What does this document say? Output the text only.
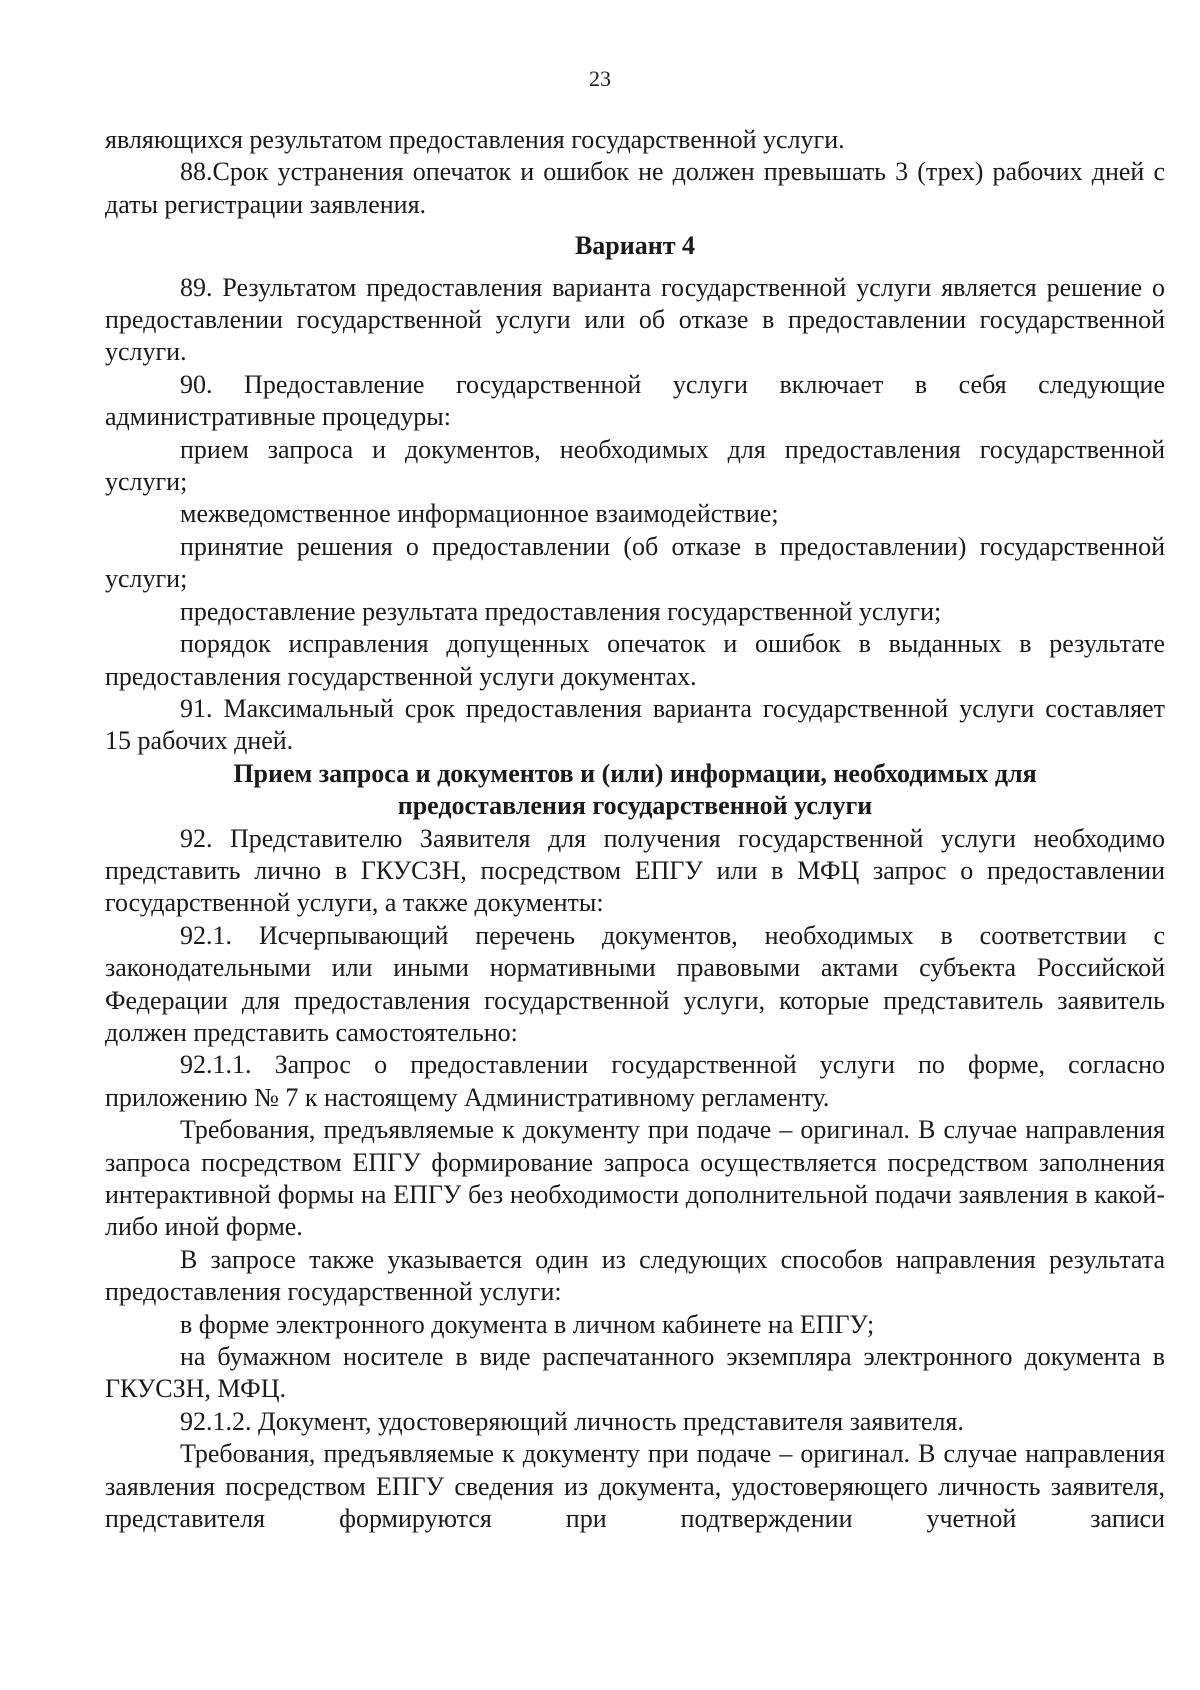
23

являющихся результатом предоставления государственной услуги.

88.Срок устранения опечаток и ошибок не должен превышать 3 (трех) рабочих дней с даты регистрации заявления.

Вариант 4

89. Результатом предоставления варианта государственной услуги является решение о предоставлении государственной услуги или об отказе в предоставлении государственной услуги.

90. Предоставление государственной услуги включает в себя следующие административные процедуры:

прием запроса и документов, необходимых для предоставления государственной услуги;

межведомственное информационное взаимодействие;

принятие решения о предоставлении (об отказе в предоставлении) государственной услуги;

предоставление результата предоставления государственной услуги;

порядок исправления допущенных опечаток и ошибок в выданных в результате предоставления государственной услуги документах.

91. Максимальный срок предоставления варианта государственной услуги составляет 15 рабочих дней.

Прием запроса и документов и (или) информации, необходимых для предоставления государственной услуги

92. Представителю Заявителя для получения государственной услуги необходимо представить лично в ГКУСЗН, посредством ЕПГУ или в МФЦ запрос о предоставлении государственной услуги, а также документы:

92.1. Исчерпывающий перечень документов, необходимых в соответствии с законодательными или иными нормативными правовыми актами субъекта Российской Федерации для предоставления государственной услуги, которые представитель заявитель должен представить самостоятельно:

92.1.1. Запрос о предоставлении государственной услуги по форме, согласно приложению № 7 к настоящему Административному регламенту.

Требования, предъявляемые к документу при подаче – оригинал. В случае направления запроса посредством ЕПГУ формирование запроса осуществляется посредством заполнения интерактивной формы на ЕПГУ без необходимости дополнительной подачи заявления в какой-либо иной форме.

В запросе также указывается один из следующих способов направления результата предоставления государственной услуги:

в форме электронного документа в личном кабинете на ЕПГУ;

на бумажном носителе в виде распечатанного экземпляра электронного документа в ГКУСЗН, МФЦ.

92.1.2. Документ, удостоверяющий личность представителя заявителя.

Требования, предъявляемые к документу при подаче – оригинал. В случае направления заявления посредством ЕПГУ сведения из документа, удостоверяющего личность заявителя, представителя формируются при подтверждении учетной записи
